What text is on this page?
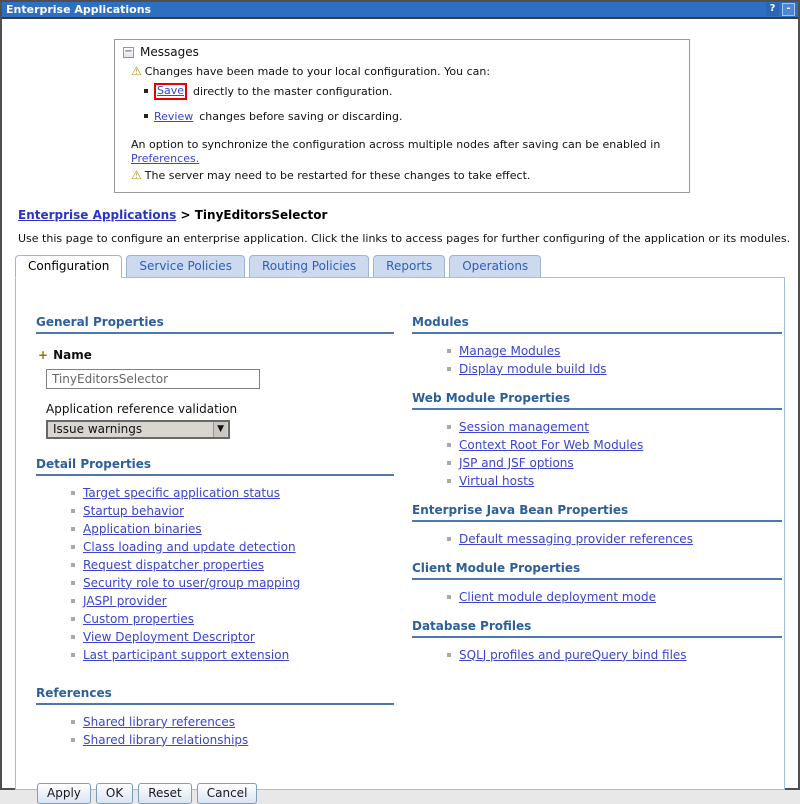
Enterprise Applications	?	-
− Messages
⚠ Changes have been made to your local configuration. You can:
Save directly to the master configuration.
Review changes before saving or discarding.
An option to synchronize the configuration across multiple nodes after saving can be enabled in
Preferences.
⚠ The server may need to be restarted for these changes to take effect.
Enterprise Applications > TinyEditorsSelector
Use this page to configure an enterprise application. Click the links to access pages for further configuring of the application or its modules.
Configuration	Service Policies	Routing Policies	Reports	Operations
General Properties
+ Name
TinyEditorsSelector
Application reference validation
Issue warnings	▼
Detail Properties
Target specific application status
Startup behavior
Application binaries
Class loading and update detection
Request dispatcher properties
Security role to user/group mapping
JASPI provider
Custom properties
View Deployment Descriptor
Last participant support extension
References
Shared library references
Shared library relationships
Apply	OK	Reset	Cancel
Modules
Manage Modules
Display module build Ids
Web Module Properties
Session management
Context Root For Web Modules
JSP and JSF options
Virtual hosts
Enterprise Java Bean Properties
Default messaging provider references
Client Module Properties
Client module deployment mode
Database Profiles
SQLJ profiles and pureQuery bind files
